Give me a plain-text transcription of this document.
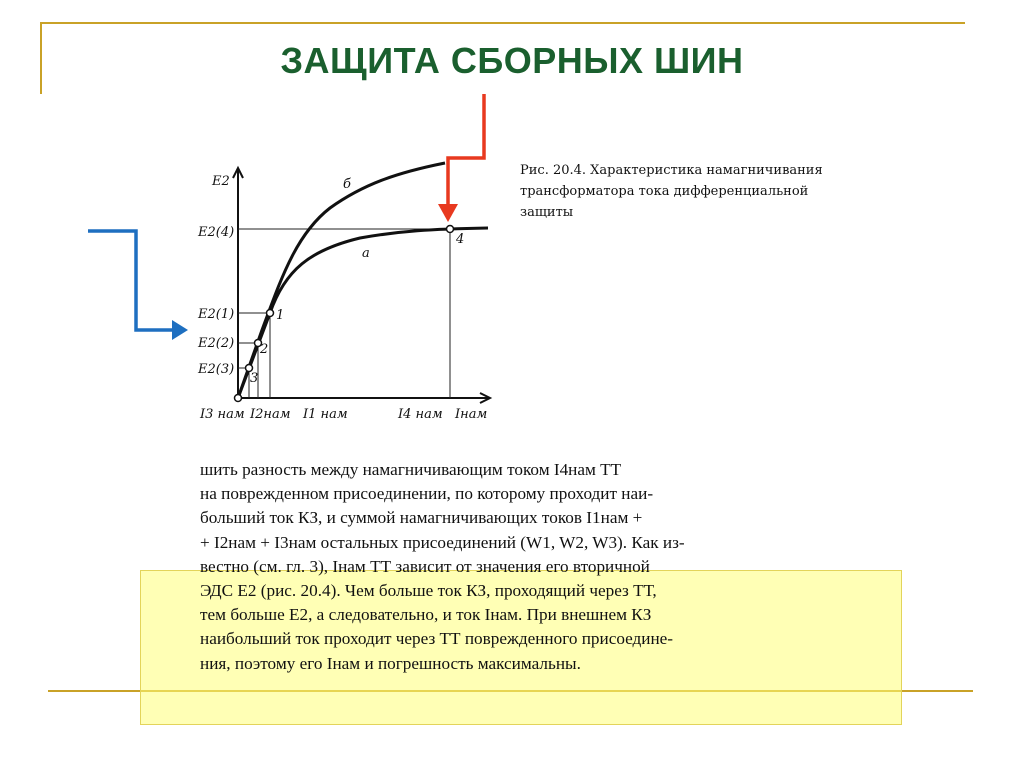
ЗАЩИТА СБОРНЫХ ШИН
Рис. 20.4. Характеристика намагничивания трансформатора тока дифференциальной защиты
E2
Iнам
E2(4)
E2(1)
E2(2)
E2(3)
I3 нам I2нам I1 нам	I4 нам
б
а
1
2
3
4
шить разность между намагничивающим током I4нам ТТ
на поврежденном присоединении, по которому проходит наи-
больший ток КЗ, и суммой намагничивающих токов I1нам +
+ I2нам + I3нам остальных присоединений (W1, W2, W3). Как из-
вестно (см. гл. 3), Iнам ТТ зависит от значения его вторичной
ЭДС E2 (рис. 20.4). Чем больше ток КЗ, проходящий через ТТ,
тем больше E2, а следовательно, и ток Iнам. При внешнем КЗ
наибольший ток проходит через ТТ поврежденного присоедине-
ния, поэтому его Iнам и погрешность максимальны.
